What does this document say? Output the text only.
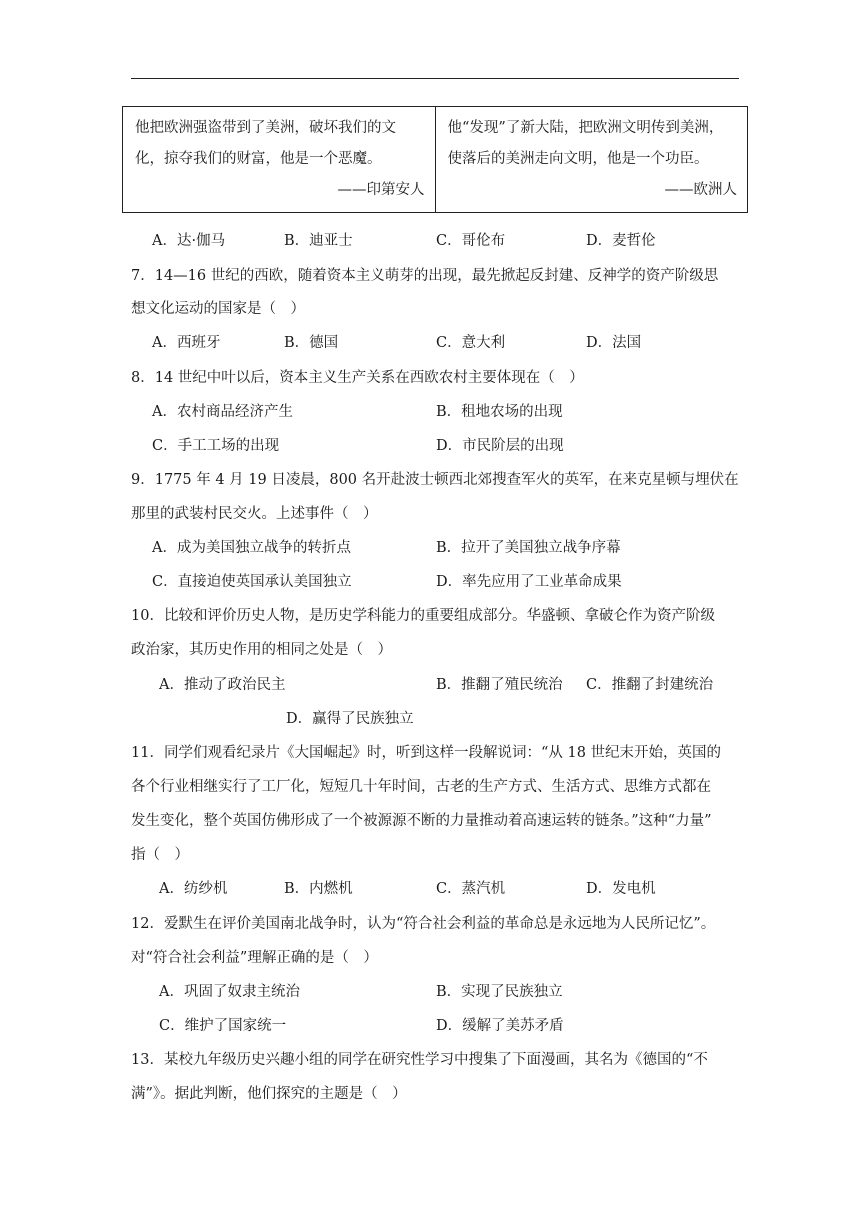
他把欧洲强盗带到了美洲，破坏我们的文化，掠夺我们的财富，他是一个恶魔。
——印第安人

他“发现”了新大陆，把欧洲文明传到美洲，使落后的美洲走向文明，他是一个功臣。
——欧洲人
A．达·伽马	B．迪亚士	C．哥伦布	D．麦哲伦
7．14—16 世纪的西欧，随着资本主义萌芽的出现，最先掀起反封建、反神学的资产阶级思
想文化运动的国家是（　）
A．西班牙	B．德国	C．意大利	D．法国
8．14 世纪中叶以后，资本主义生产关系在西欧农村主要体现在（　）
A．农村商品经济产生	B．租地农场的出现
C．手工工场的出现	D．市民阶层的出现
9．1775 年 4 月 19 日凌晨，800 名开赴波士顿西北郊搜查军火的英军，在来克星顿与埋伏在
那里的武装村民交火。上述事件（　）
A．成为美国独立战争的转折点	B．拉开了美国独立战争序幕
C．直接迫使英国承认美国独立	D．率先应用了工业革命成果
10．比较和评价历史人物，是历史学科能力的重要组成部分。华盛顿、拿破仑作为资产阶级
政治家，其历史作用的相同之处是（　）
A．推动了政治民主	B．推翻了殖民统治 C．推翻了封建统治
D．赢得了民族独立
11．同学们观看纪录片《大国崛起》时，听到这样一段解说词：“从 18 世纪末开始，英国的
各个行业相继实行了工厂化，短短几十年时间，古老的生产方式、生活方式、思维方式都在
发生变化，整个英国仿佛形成了一个被源源不断的力量推动着高速运转的链条。”这种“力量”
指（　）
A．纺纱机	B．内燃机	C．蒸汽机	D．发电机
12．爱默生在评价美国南北战争时，认为“符合社会利益的革命总是永远地为人民所记忆”。
对“符合社会利益”理解正确的是（　）
A．巩固了奴隶主统治	B．实现了民族独立
C．维护了国家统一	D．缓解了美苏矛盾
13．某校九年级历史兴趣小组的同学在研究性学习中搜集了下面漫画，其名为《德国的“不
满”》。据此判断，他们探究的主题是（　）
